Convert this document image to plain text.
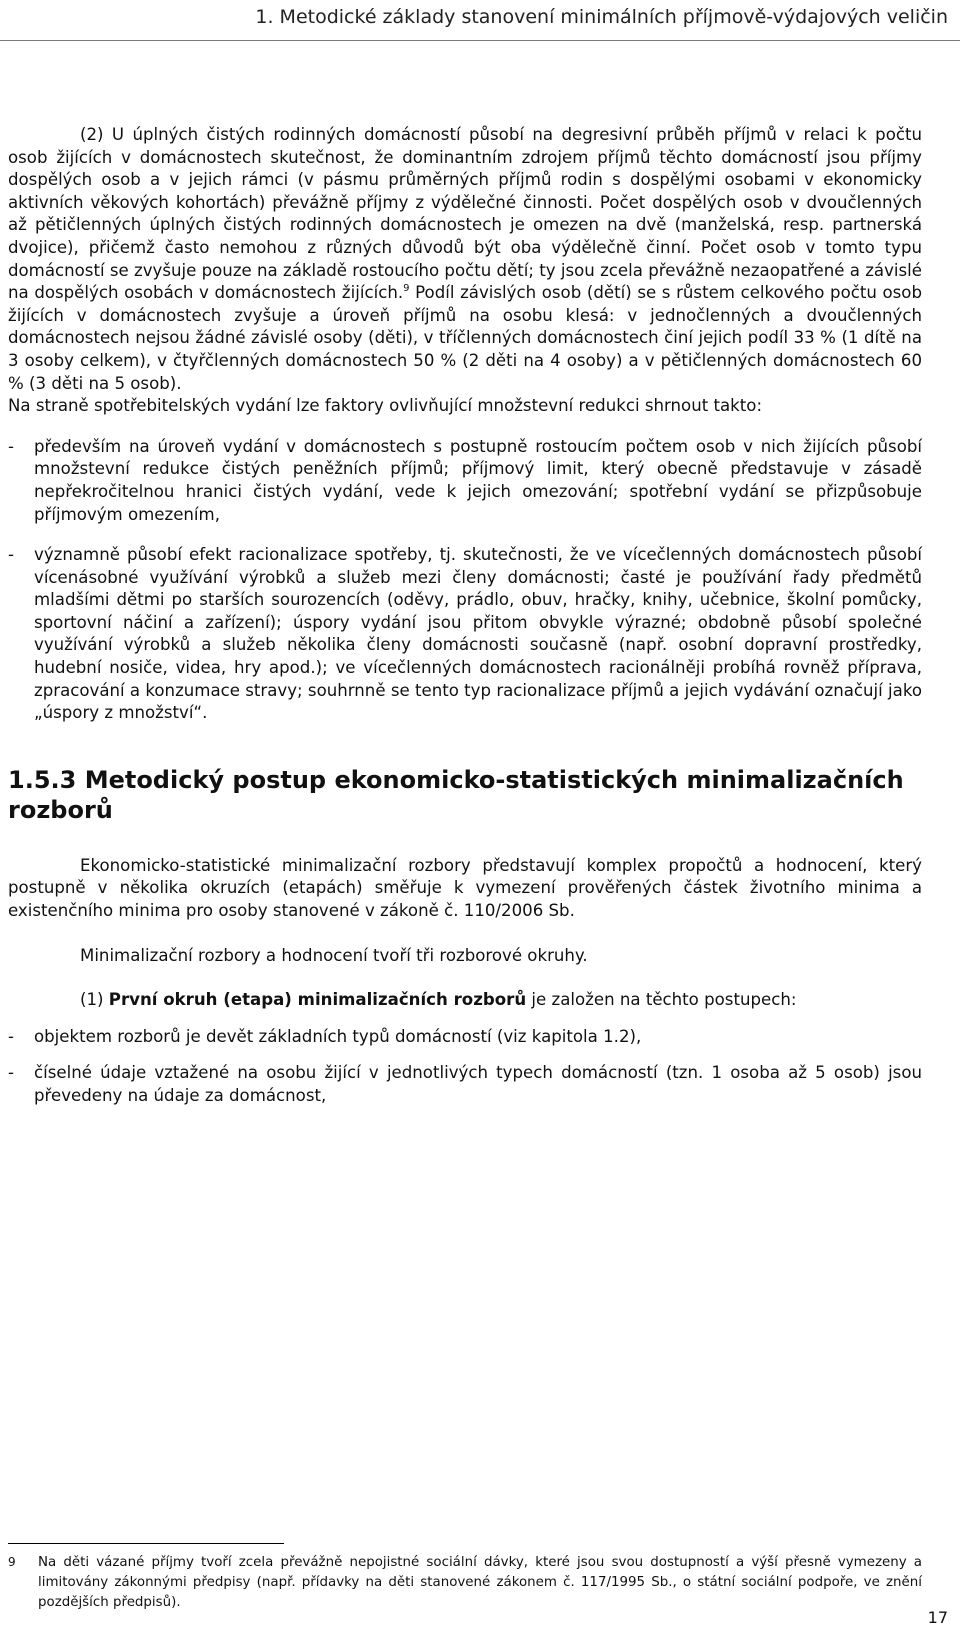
1. Metodické základy stanovení minimálních příjmově-výdajových veličin

(2) U úplných čistých rodinných domácností působí na degresivní průběh příjmů v relaci k počtu osob žijících v domácnostech skutečnost, že dominantním zdrojem příjmů těchto domácností jsou příjmy dospělých osob a v jejich rámci (v pásmu průměrných příjmů rodin s dospělými osobami v ekonomicky aktivních věkových kohortách) převážně příjmy z výdělečné činnosti. Počet dospělých osob v dvoučlenných až pětičlenných úplných čistých rodinných domácnostech je omezen na dvě (manželská, resp. partnerská dvojice), přičemž často nemohou z různých důvodů být oba výdělečně činní. Počet osob v tomto typu domácností se zvyšuje pouze na základě rostoucího počtu dětí; ty jsou zcela převážně nezaopatřené a závislé na dospělých osobách v domácnostech žijících.$^9$ Podíl závislých osob (dětí) se s růstem celkového počtu osob žijících v domácnostech zvyšuje a úroveň příjmů na osobu klesá: v jednočlenných a dvoučlenných domácnostech nejsou žádné závislé osoby (děti), v tříčlenných domácnostech činí jejich podíl 33 % (1 dítě na 3 osoby celkem), v čtyřčlenných domácnostech 50 % (2 děti na 4 osoby) a v pětičlenných domácnostech 60 % (3 děti na 5 osob).

Na straně spotřebitelských vydání lze faktory ovlivňující množstevní redukci shrnout takto:

-	především na úroveň vydání v domácnostech s postupně rostoucím počtem osob v nich žijících působí množstevní redukce čistých peněžních příjmů; příjmový limit, který obecně představuje v zásadě nepřekročitelnou hranici čistých vydání, vede k jejich omezování; spotřební vydání se přizpůsobuje příjmovým omezením,

-	významně působí efekt racionalizace spotřeby, tj. skutečnosti, že ve vícečlenných domácnostech působí vícenásobné využívání výrobků a služeb mezi členy domácnosti; časté je používání řady předmětů mladšími dětmi po starších sourozencích (oděvy, prádlo, obuv, hračky, knihy, učebnice, školní pomůcky, sportovní náčiní a zařízení); úspory vydání jsou přitom obvykle výrazné; obdobně působí společné využívání výrobků a služeb několika členy domácnosti současně (např. osobní dopravní prostředky, hudební nosiče, videa, hry apod.); ve vícečlenných domácnostech racionálněji probíhá rovněž příprava, zpracování a konzumace stravy; souhrnně se tento typ racionalizace příjmů a jejich vydávání označují jako „úspory z množství“.

1.5.3 Metodický postup ekonomicko-statistických minimalizačních rozborů

Ekonomicko-statistické minimalizační rozbory představují komplex propočtů a hodnocení, který postupně v několika okruzích (etapách) směřuje k vymezení prověřených částek životního minima a existenčního minima pro osoby stanovené v zákoně č. 110/2006 Sb.

Minimalizační rozbory a hodnocení tvoří tři rozborové okruhy.

(1) První okruh (etapa) minimalizačních rozborů je založen na těchto postupech:

-	objektem rozborů je devět základních typů domácností (viz kapitola 1.2),

-	číselné údaje vztažené na osobu žijící v jednotlivých typech domácností (tzn. 1 osoba až 5 osob) jsou převedeny na údaje za domácnost,

9	Na děti vázané příjmy tvoří zcela převážně nepojistné sociální dávky, které jsou svou dostupností a výší přesně vymezeny a limitovány zákonnými předpisy (např. přídavky na děti stanovené zákonem č. 117/1995 Sb., o státní sociální podpoře, ve znění pozdějších předpisů).

17
